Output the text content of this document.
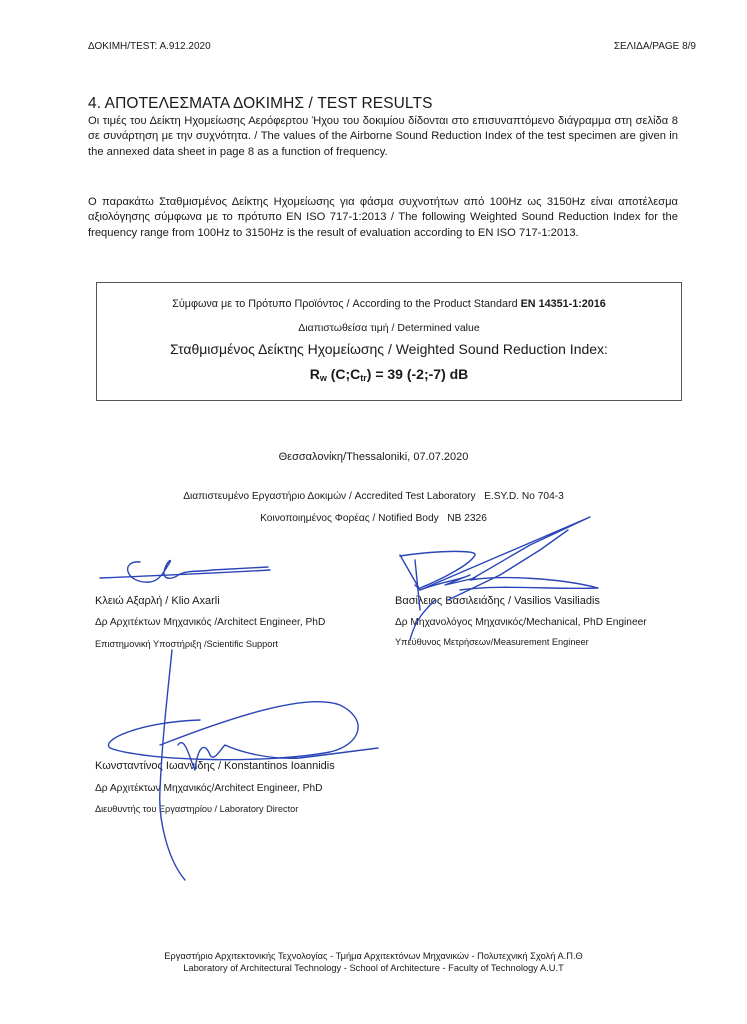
ΔΟΚΙΜΗ/TEST: A.912.2020	ΣΕΛΙΔΑ/PAGE 8/9
4. ΑΠΟΤΕΛΕΣΜΑΤΑ ΔΟΚΙΜΗΣ / TEST RESULTS
Οι τιμές του Δείκτη Ηχομείωσης Αερόφερτου Ήχου του δοκιμίου δίδονται στο επισυναπτόμενο διάγραμμα στη σελίδα 8 σε συνάρτηση με την συχνότητα. / The values of the Airborne Sound Reduction Index of the test specimen are given in the annexed data sheet in page 8 as a function of frequency.
Ο παρακάτω Σταθμισμένος Δείκτης Ηχομείωσης για φάσμα συχνοτήτων από 100Hz ως 3150Hz είναι αποτέλεσμα αξιολόγησης σύμφωνα με το πρότυπο EN ISO 717-1:2013 / The following Weighted Sound Reduction Index for the frequency range from 100Hz to 3150Hz is the result of evaluation according to EN ISO 717-1:2013.
Σύμφωνα με το Πρότυπο Προϊόντος / According to the Product Standard EN 14351-1:2016
Διαπιστωθείσα τιμή / Determined value
Σταθμισμένος Δείκτης Ηχομείωσης / Weighted Sound Reduction Index:
$R_w$ $(C;C_{tr}) = 39$ (-2;-7) dB
Θεσσαλονίκη/Thessaloniki, 07.07.2020
Διαπιστευμένο Εργαστήριο Δοκιμών / Accredited Test Laboratory   E.SY.D. No 704-3
Κοινοποιημένος Φορέας / Notified Body   NB 2326
Κλειώ Αξαρλή / Klio Axarli
Δρ Αρχιτέκτων Μηχανικός /Architect Engineer, PhD
Επιστημονική Υποστήριξη /Scientific Support
Βασίλειος Βασιλειάδης / Vasilios Vasiliadis
Δρ Μηχανολόγος Μηχανικός/Mechanical, PhD Engineer
Υπεύθυνος Μετρήσεων/Measurement Engineer
Κωνσταντίνος Ιωαννίδης / Konstantinos Ioannidis
Δρ Αρχιτέκτων Μηχανικός/Architect Engineer, PhD
Διευθυντής του Εργαστηρίου / Laboratory Director
Εργαστήριο Αρχιτεκτονικής Τεχνολογίας - Τμήμα Αρχιτεκτόνων Μηχανικών - Πολυτεχνική Σχολή Α.Π.Θ
Laboratory of Architectural Technology - School of Architecture - Faculty of Technology A.U.T
